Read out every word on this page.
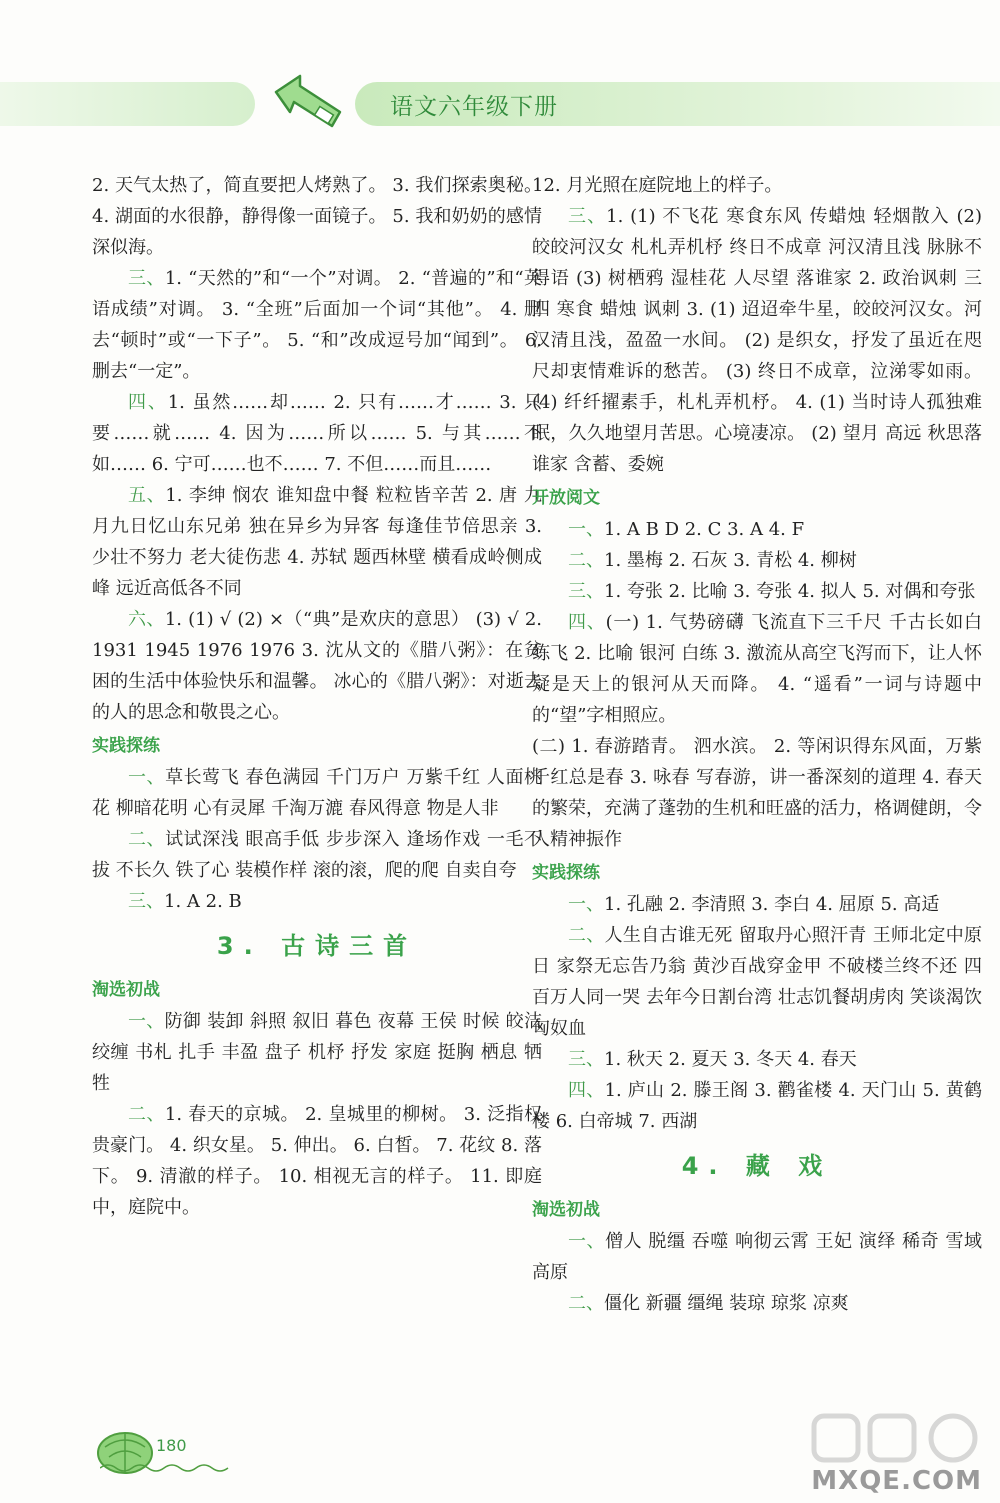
语文六年级下册

2. 天气太热了，简直要把人烤熟了。 3. 我们探索奥秘。 4. 湖面的水很静，静得像一面镜子。 5. 我和奶奶的感情深似海。

三、1. “天然的”和“一个”对调。 2. “普遍的”和“英语成绩”对调。 3. “全班”后面加一个词“其他”。 4. 删去“顿时”或“一下子”。 5. “和”改成逗号加“闻到”。 6. 删去“一定”。

四、1. 虽然……却…… 2. 只有……才…… 3. 只要……就…… 4. 因为……所以…… 5. 与其……不如…… 6. 宁可……也不…… 7. 不但……而且……

五、1. 李绅 悯农 谁知盘中餐 粒粒皆辛苦 2. 唐 九月九日忆山东兄弟 独在异乡为异客 每逢佳节倍思亲 3. 少壮不努力 老大徒伤悲 4. 苏轼 题西林壁 横看成岭侧成峰 远近高低各不同

六、1. (1) √ (2) ×（“典”是欢庆的意思） (3) √ 2. 1931 1945 1976 1976 3. 沈从文的《腊八粥》：在贫困的生活中体验快乐和温馨。 冰心的《腊八粥》：对逝去的人的思念和敬畏之心。

实践探练

一、草长莺飞 春色满园 千门万户 万紫千红 人面桃花 柳暗花明 心有灵犀 千淘万漉 春风得意 物是人非

二、试试深浅 眼高手低 步步深入 逢场作戏 一毛不拔 不长久 铁了心 装模作样 滚的滚，爬的爬 自卖自夸

三、1. A 2. B

3. 古诗三首
淘选初战

一、防御 装卸 斜照 叙旧 暮色 夜幕 王侯 时候 皎洁 绞缠 书札 扎手 丰盈 盘子 机杼 抒发 家庭 挺胸 栖息 牺牲

二、1. 春天的京城。 2. 皇城里的柳树。 3. 泛指权贵豪门。 4. 织女星。 5. 伸出。 6. 白皙。 7. 花纹 8. 落下。 9. 清澈的样子。 10. 相视无言的样子。 11. 即庭中，庭院中。

12. 月光照在庭院地上的样子。

三、1. (1) 不飞花 寒食东风 传蜡烛 轻烟散入 (2) 皎皎河汉女 札札弄机杼 终日不成章 河汉清且浅 脉脉不得语 (3) 树栖鸦 湿桂花 人尽望 落谁家 2. 政治讽刺 三 四 寒食 蜡烛 讽刺 3. (1) 迢迢牵牛星，皎皎河汉女。河汉清且浅，盈盈一水间。 (2) 是织女，抒发了虽近在咫尺却衷情难诉的愁苦。 (3) 终日不成章，泣涕零如雨。 (4) 纤纤擢素手，札札弄机杼。 4. (1) 当时诗人孤独难眠，久久地望月苦思。心境凄凉。 (2) 望月 高远 秋思落谁家 含蓄、委婉

开放阅文

一、1. A B D 2. C 3. A 4. F

二、1. 墨梅 2. 石灰 3. 青松 4. 柳树

三、1. 夸张 2. 比喻 3. 夸张 4. 拟人 5. 对偶和夸张

四、(一) 1. 气势磅礴 飞流直下三千尺 千古长如白练飞 2. 比喻 银河 白练 3. 激流从高空飞泻而下，让人怀疑是天上的银河从天而降。 4. “遥看”一词与诗题中的“望”字相照应。

(二) 1. 春游踏青。 泗水滨。 2. 等闲识得东风面，万紫千红总是春 3. 咏春 写春游，讲一番深刻的道理 4. 春天的繁荣，充满了蓬勃的生机和旺盛的活力，格调健朗，令人精神振作

实践探练

一、1. 孔融 2. 李清照 3. 李白 4. 屈原 5. 高适

二、人生自古谁无死 留取丹心照汗青 王师北定中原日 家祭无忘告乃翁 黄沙百战穿金甲 不破楼兰终不还 四百万人同一哭 去年今日割台湾 壮志饥餐胡虏肉 笑谈渴饮匈奴血

三、1. 秋天 2. 夏天 3. 冬天 4. 春天

四、1. 庐山 2. 滕王阁 3. 鹳雀楼 4. 天门山 5. 黄鹤楼 6. 白帝城 7. 西湖

4. 藏 戏
淘选初战

一、僧人 脱缰 吞噬 响彻云霄 王妃 演绎 稀奇 雪域高原

二、僵化 新疆 缰绳 装琼 琼浆 凉爽

180
MXQE.COM
